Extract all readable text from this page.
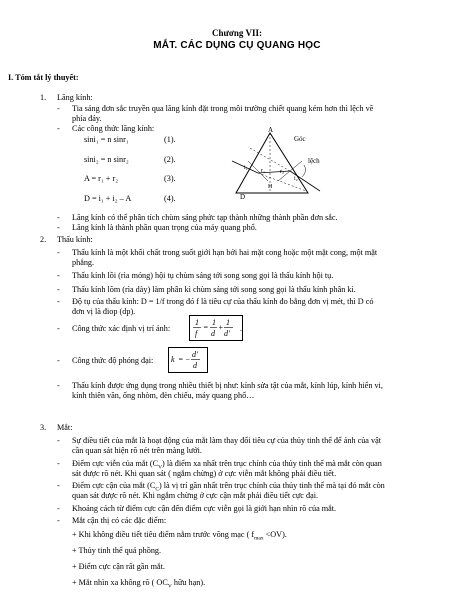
Chương VII:
MẮT. CÁC DỤNG CỤ QUANG HỌC
I. Tóm tắt lý thuyết:
1. Lăng kính:
- Tia sáng đơn sắc truyền qua lăng kính đặt trong môi trường chiết quang kém hơn thì lệch về
phía đáy.
- Các công thức lăng kính:
sini₁ = n sinr₁	(1).
sini₂ = n sinr₂	(2).
A = r₁ + r₂	(3).
D = i₁ + i₂ – A	(4).
A
Góc
lệch
i₁ r₁ r₂
i₂
H
D
- Lăng kính có thể phân tích chùm sáng phức tạp thành những thành phần đơn sắc.
- Lăng kính là thành phần quan trọng của máy quang phổ.
2. Thấu kính:
- Thấu kính là một khối chất trong suốt giới hạn bởi hai mặt cong hoặc một mặt cong, một mặt
phẳng.
- Thấu kính lồi (rìa mỏng) hội tụ chùm sáng tới song song gọi là thấu kính hội tụ.
- Thấu kính lõm (rìa dày) làm phân kì chùm sáng tới song song gọi là thấu kính phân kì.
- Độ tụ của thấu kính: D = 1/f trong đó f là tiêu cự của thấu kính đo bằng đơn vị mét, thì D có
đơn vị là điop (dp).
- Công thức xác định vị trí ảnh:
1
f
=
1
d
+
1
d'
.
- Công thức độ phóng đại: k = −
d'
d
- Thấu kính được ứng dụng trong nhiều thiết bị như: kính sửa tật của mắt, kính lúp, kính hiển vi,
kính thiên văn, ống nhòm, đèn chiếu, máy quang phổ…
3. Mắt:
- Sự điều tiết của mắt là hoạt động của mắt làm thay đổi tiêu cự của thủy tinh thể để ảnh của vật
cần quan sát hiện rõ nét trên màng lưới.
- Điểm cực viễn của mắt $(C_V)$ là điểm xa nhất trên trục chính của thủy tinh thể mà mắt còn quan
sát được rõ nét. Khi quan sát ( ngắm chừng) ở cực viễn mắt không phải điều tiết.
- Điểm cực cận của mắt $(C_C)$ là vị trí gần nhất trên trục chính của thủy tinh thể mà tại đó mắt còn
quan sát được rõ nét. Khi ngắm chừng ở cực cận mắt phải điều tiết cực đại.
- Khoảng cách từ điểm cực cận đến điểm cực viễn gọi là giới hạn nhìn rõ của mắt.
- Mắt cận thị có các đặc điểm:
+ Khi không điều tiết tiêu điểm nằm trước võng mạc ( $f_{max} <OV$).
+ Thủy tinh thể quá phồng.
+ Điểm cực cận rất gần mắt.
+ Mắt nhìn xa không rõ ( $OC_V$ hữu hạn).
